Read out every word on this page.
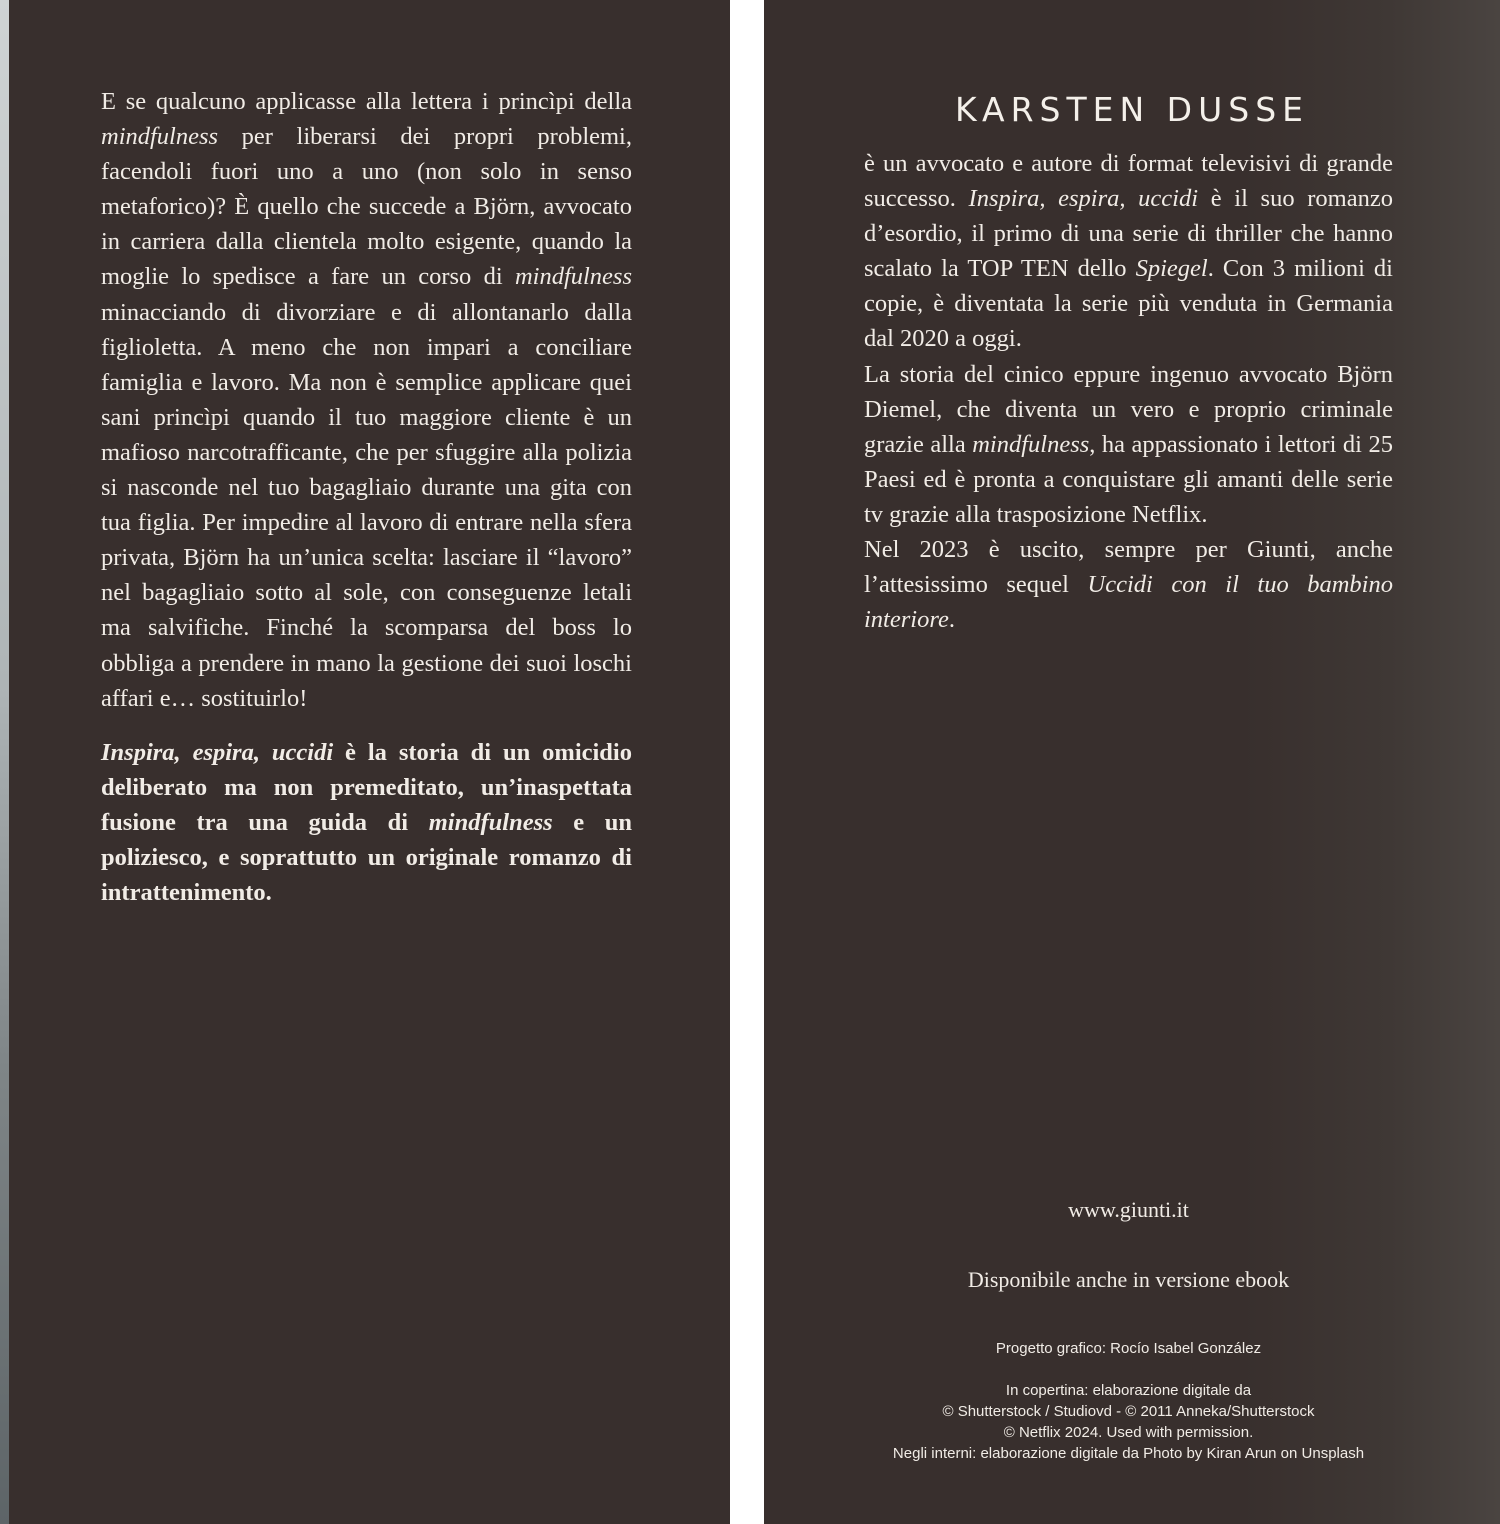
E se qualcuno applicasse alla lettera i princìpi della mindfulness per liberarsi dei propri problemi, facendoli fuori uno a uno (non solo in senso metaforico)? È quello che succede a Björn, avvocato in carriera dalla clientela molto esigente, quando la moglie lo spedisce a fare un corso di mindfulness minacciando di divorziare e di allontanarlo dalla figlioletta. A meno che non impari a conciliare famiglia e lavoro. Ma non è semplice applicare quei sani princìpi quando il tuo maggiore cliente è un mafioso narcotrafficante, che per sfuggire alla polizia si nasconde nel tuo bagagliaio durante una gita con tua figlia. Per impedire al lavoro di entrare nella sfera privata, Björn ha un’unica scelta: lasciare il “lavoro” nel bagagliaio sotto al sole, con conseguenze letali ma salvifiche. Finché la scomparsa del boss lo obbliga a prendere in mano la gestione dei suoi loschi affari e… sostituirlo!

Inspira, espira, uccidi è la storia di un omicidio deliberato ma non premeditato, un’inaspettata fusione tra una guida di mindfulness e un poliziesco, e soprattutto un originale romanzo di intrattenimento.
KARSTEN DUSSE

è un avvocato e autore di format televisivi di grande successo. Inspira, espira, uccidi è il suo romanzo d’esordio, il primo di una serie di thriller che hanno scalato la TOP TEN dello Spiegel. Con 3 milioni di copie, è diventata la serie più venduta in Germania dal 2020 a oggi.

La storia del cinico eppure ingenuo avvocato Björn Diemel, che diventa un vero e proprio criminale grazie alla mindfulness, ha appassionato i lettori di 25 Paesi ed è pronta a conquistare gli amanti delle serie tv grazie alla trasposizione Netflix.

Nel 2023 è uscito, sempre per Giunti, anche l’attesissimo sequel Uccidi con il tuo bambino interiore.

www.giunti.it
Disponibile anche in versione ebook
Progetto grafico: Rocío Isabel González
In copertina: elaborazione digitale da
© Shutterstock / Studiovd - © 2011 Anneka/Shutterstock
© Netflix 2024. Used with permission.
Negli interni: elaborazione digitale da Photo by Kiran Arun on Unsplash
